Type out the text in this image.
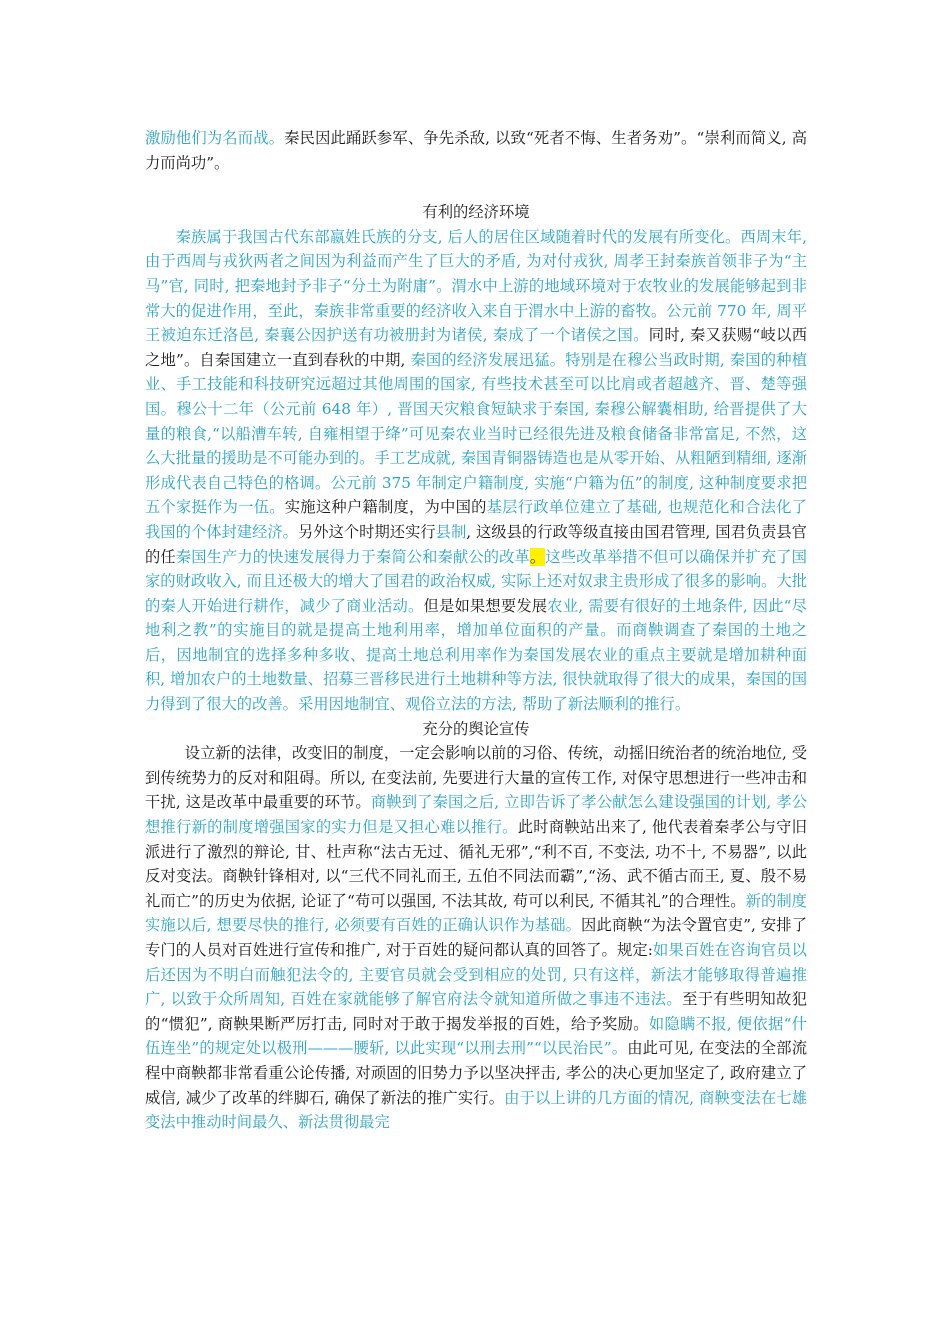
激励他们为名而战。秦民因此踊跃参军、争先杀敌, 以致“死者不悔、生者务劝”。“崇利而简义, 高力而尚功”。

有利的经济环境

秦族属于我国古代东部嬴姓氏族的分支, 后人的居住区域随着时代的发展有所变化。西周末年, 由于西周与戎狄两者之间因为利益而产生了巨大的矛盾, 为对付戎狄, 周孝王封秦族首领非子为“主马”官, 同时, 把秦地封予非子“分土为附庸”。渭水中上游的地域环境对于农牧业的发展能够起到非常大的促进作用，至此，秦族非常重要的经济收入来自于渭水中上游的畜牧。公元前 770 年, 周平王被迫东迁洛邑, 秦襄公因护送有功被册封为诸侯, 秦成了一个诸侯之国。同时, 秦又获赐“岐以西之地”。自秦国建立一直到春秋的中期, 秦国的经济发展迅猛。特别是在穆公当政时期, 秦国的种植业、手工技能和科技研究远超过其他周围的国家, 有些技术甚至可以比肩或者超越齐、晋、楚等强国。穆公十二年（公元前 648 年）, 晋国天灾粮食短缺求于秦国, 秦穆公解囊相助, 给晋提供了大量的粮食,“以船漕车转, 自雍相望于绛”可见秦农业当时已经很先进及粮食储备非常富足, 不然，这么大批量的援助是不可能办到的。手工艺成就, 秦国青铜器铸造也是从零开始、从粗陋到精细, 逐渐形成代表自己特色的格调。公元前 375 年制定户籍制度, 实施“户籍为伍”的制度, 这种制度要求把五个家挺作为一伍。实施这种户籍制度，为中国的基层行政单位建立了基础, 也规范化和合法化了我国的个体封建经济。另外这个时期还实行县制, 这级县的行政等级直接由国君管理, 国君负责县官的任秦国生产力的快速发展得力于秦简公和秦献公的改革。这些改革举措不但可以确保并扩充了国家的财政收入, 而且还极大的增大了国君的政治权威, 实际上还对奴隶主贵形成了很多的影响。大批的秦人开始进行耕作，减少了商业活动。但是如果想要发展农业, 需要有很好的土地条件, 因此“尽地利之教”的实施目的就是提高土地利用率，增加单位面积的产量。而商鞅调查了秦国的土地之后，因地制宜的选择多种多收、提高土地总利用率作为秦国发展农业的重点主要就是增加耕种面积, 增加农户的土地数量、招募三晋移民进行土地耕种等方法, 很快就取得了很大的成果，秦国的国力得到了很大的改善。采用因地制宜、观俗立法的方法, 帮助了新法顺利的推行。

充分的舆论宣传

设立新的法律，改变旧的制度，一定会影响以前的习俗、传统，动摇旧统治者的统治地位, 受到传统势力的反对和阻碍。所以, 在变法前, 先要进行大量的宣传工作, 对保守思想进行一些冲击和干扰, 这是改革中最重要的环节。商鞅到了秦国之后, 立即告诉了孝公献怎么建设强国的计划, 孝公想推行新的制度增强国家的实力但是又担心难以推行。此时商鞅站出来了, 他代表着秦孝公与守旧派进行了激烈的辩论, 甘、杜声称“法古无过、循礼无邪”,“利不百, 不变法, 功不十, 不易器”, 以此反对变法。商鞅针锋相对, 以“三代不同礼而王, 五伯不同法而霸”,“汤、武不循古而王, 夏、殷不易礼而亡”的历史为依据, 论证了“苟可以强国, 不法其故, 苟可以利民, 不循其礼”的合理性。新的制度实施以后, 想要尽快的推行, 必须要有百姓的正确认识作为基础。因此商鞅“为法令置官吏”, 安排了专门的人员对百姓进行宣传和推广, 对于百姓的疑问都认真的回答了。规定:如果百姓在咨询官员以后还因为不明白而触犯法令的, 主要官员就会受到相应的处罚, 只有这样，新法才能够取得普遍推广, 以致于众所周知, 百姓在家就能够了解官府法令就知道所做之事违不违法。至于有些明知故犯的“惯犯”, 商鞅果断严厉打击, 同时对于敢于揭发举报的百姓，给予奖励。如隐瞒不报, 便依据“什伍连坐”的规定处以极刑———腰斩, 以此实现“以刑去刑”“以民治民”。由此可见, 在变法的全部流程中商鞅都非常看重公论传播, 对顽固的旧势力予以坚决抨击, 孝公的决心更加坚定了, 政府建立了威信, 减少了改革的绊脚石, 确保了新法的推广实行。由于以上讲的几方面的情况, 商鞅变法在七雄变法中推动时间最久、新法贯彻最完
